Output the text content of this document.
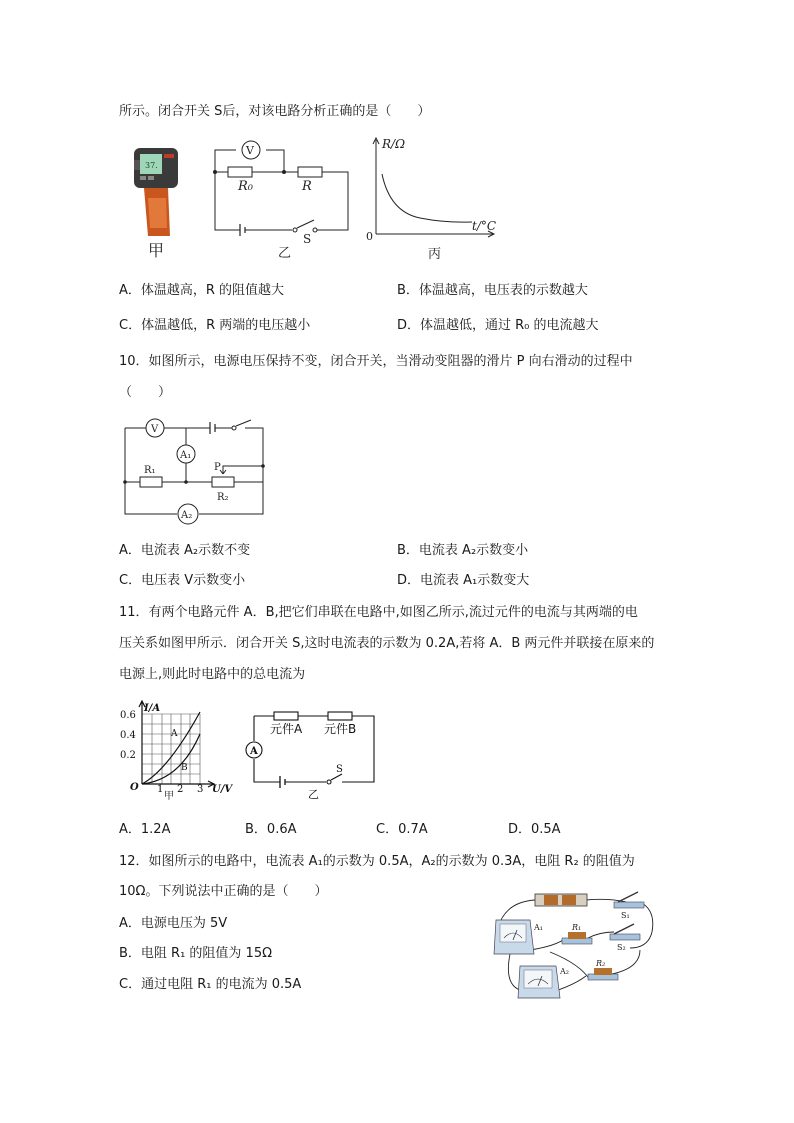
所示。闭合开关 S后，对该电路分析正确的是（　　）
37.
甲
V
R₀	R
S
乙
R/Ω
t/°C
0
丙
A．体温越高，R 的阻值越大	B．体温越高，电压表的示数越大
C．体温越低，R 两端的电压越小	D．体温越低，通过 R₀ 的电流越大
10．如图所示，电源电压保持不变，闭合开关，当滑动变阻器的滑片 P 向右滑动的过程中
（　　）
V
A₁
A₂
R₁
R₂
P
A．电流表 A₂示数不变	B．电流表 A₂示数变小
C．电压表 V示数变小	D．电流表 A₁示数变大
11．有两个电路元件 A．B,把它们串联在电路中,如图乙所示,流过元件的电流与其两端的电
压关系如图甲所示．闭合开关 S,这时电流表的示数为 0.2A,若将 A．B 两元件并联接在原来的
电源上,则此时电路中的总电流为
I/A
0.6
0.4
0.2
O 1 2 3 U/V
A
B
甲
A
元件A 元件B
S
乙
A．1.2A	B．0.6A	C．0.7A	D．0.5A
12．如图所示的电路中，电流表 A₁的示数为 0.5A，A₂的示数为 0.3A，电阻 R₂ 的阻值为
10Ω。下列说法中正确的是（　　）
A．电源电压为 5V
B．电阻 R₁ 的阻值为 15Ω
C．通过电阻 R₁ 的电流为 0.5A
A₁
A₂
R₁
R₂
S₁
S₂
